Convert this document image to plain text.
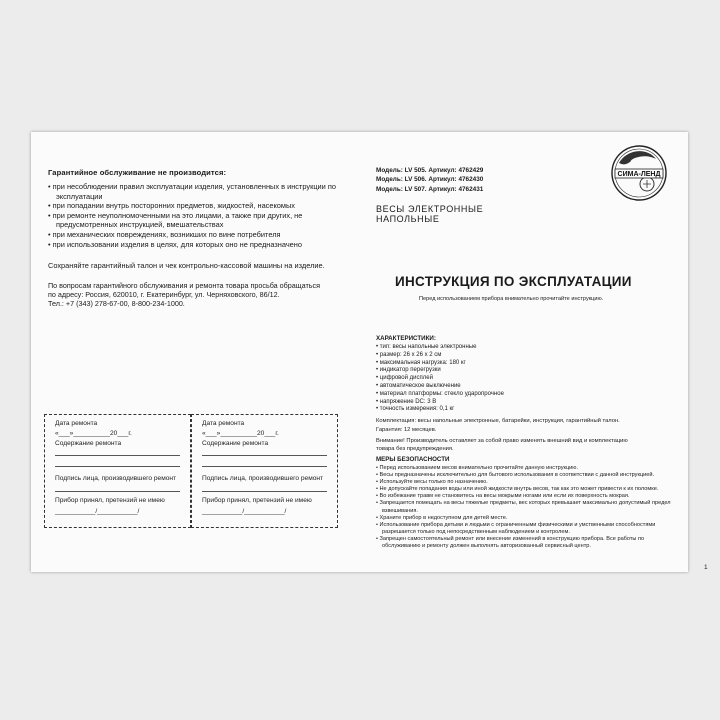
Гарантийное обслуживание не производится:
• при несоблюдении правил эксплуатации изделия, установленных в инструкции по эксплуатации
• при попадании внутрь посторонних предметов, жидкостей, насекомых
• при ремонте неуполномоченными на это лицами, а также при других, не предусмотренных инструкцией, вмешательствах
• при механических повреждениях, возникших по вине потребителя
• при использовании изделия в целях, для которых оно не предназначено
Сохраняйте гарантийный талон и чек контрольно-кассовой машины на изделие.
По вопросам гарантийного обслуживания и ремонта товара просьба обращаться
по адресу: Россия, 620010, г. Екатеринбург, ул. Черняховского, 86/12.
Тел.: +7 (343) 278-67-00, 8-800-234-1000.
Дата ремонта
«___»__________20___г.
Содержание ремонта
Подпись лица, производившего ремонт
Прибор принял, претензий не имею
___________/___________/
Дата ремонта
«___»__________20___г.
Содержание ремонта
Подпись лица, производившего ремонт
Прибор принял, претензий не имею
___________/___________/
Модель: LV 505. Артикул: 4762429
Модель: LV 506. Артикул: 4762430
Модель: LV 507. Артикул: 4762431
СИМА-ЛЕНД
ВЕСЫ ЭЛЕКТРОННЫЕ
НАПОЛЬНЫЕ
ИНСТРУКЦИЯ ПО ЭКСПЛУАТАЦИИ
Перед использованием прибора внимательно прочитайте инструкцию.
ХАРАКТЕРИСТИКИ:
• тип: весы напольные электронные
• размер: 26 х 26 х 2 см
• максимальная нагрузка: 180 кг
• индикатор перегрузки
• цифровой дисплей
• автоматическое выключение
• материал платформы: стекло ударопрочное
• напряжение DC: 3 В
• точность измерения: 0,1 кг
Комплектация: весы напольные электронные, батарейки, инструкция, гарантийный талон.
Гарантия: 12 месяцев.
Внимание! Производитель оставляет за собой право изменять внешний вид и комплектацию
товара без предупреждения.
МЕРЫ БЕЗОПАСНОСТИ
• Перед использованием весов внимательно прочитайте данную инструкцию.
• Весы предназначены исключительно для бытового использования в соответствии с данной инструкцией.
• Используйте весы только по назначению.
• Не допускайте попадания воды или иной жидкости внутрь весов, так как это может привести к их поломке.
• Во избежание травм не становитесь на весы мокрыми ногами или если их поверхность мокрая.
• Запрещается помещать на весы тяжелые предметы, вес которых превышает максимально допустимый предел взвешивания.
• Храните прибор в недоступном для детей месте.
• Использование прибора детьми и людьми с ограниченными физическими и умственными способностями разрешается только под непосредственным наблюдением и контролем.
• Запрещен самостоятельный ремонт или внесение изменений в конструкцию прибора. Все работы по обслуживанию и ремонту должен выполнять авторизованный сервисный центр.
1
